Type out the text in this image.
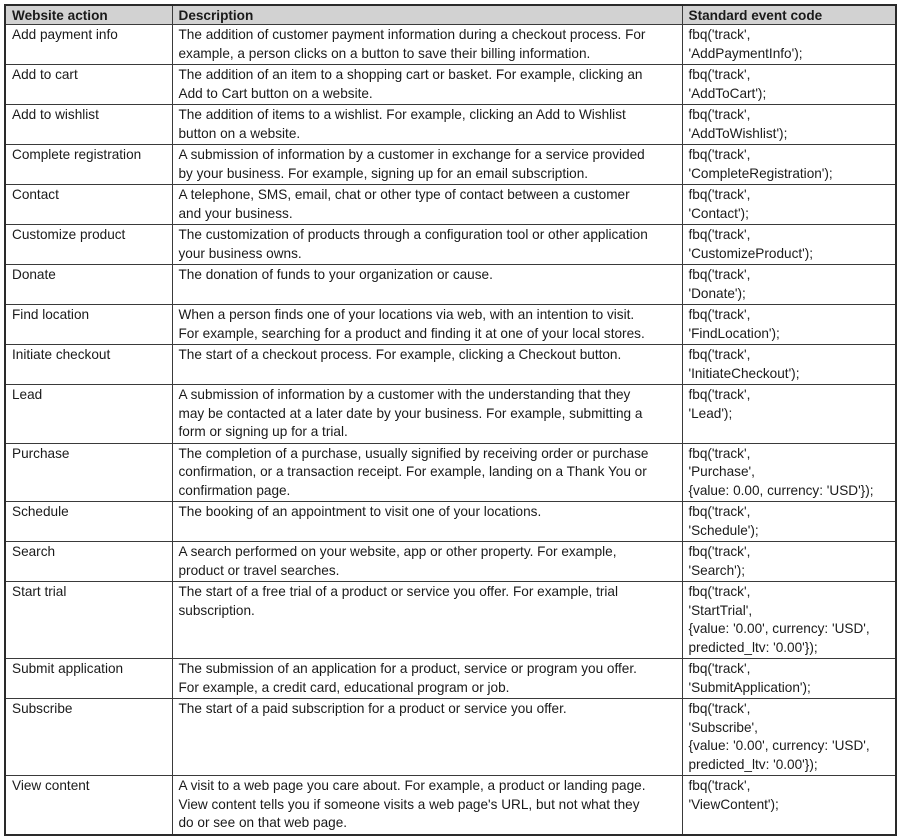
Website action	Description	Standard event code
Add payment info	The addition of customer payment information during a checkout process. For
example, a person clicks on a button to save their billing information.	fbq('track',
'AddPaymentInfo');
Add to cart	The addition of an item to a shopping cart or basket. For example, clicking an
Add to Cart button on a website.	fbq('track',
'AddToCart');
Add to wishlist	The addition of items to a wishlist. For example, clicking an Add to Wishlist
button on a website.	fbq('track',
'AddToWishlist');
Complete registration	A submission of information by a customer in exchange for a service provided
by your business. For example, signing up for an email subscription.	fbq('track',
'CompleteRegistration');
Contact	A telephone, SMS, email, chat or other type of contact between a customer
and your business.	fbq('track',
'Contact');
Customize product	The customization of products through a configuration tool or other application
your business owns.	fbq('track',
'CustomizeProduct');
Donate	The donation of funds to your organization or cause.	fbq('track',
'Donate');
Find location	When a person finds one of your locations via web, with an intention to visit.
For example, searching for a product and finding it at one of your local stores.	fbq('track',
'FindLocation');
Initiate checkout	The start of a checkout process. For example, clicking a Checkout button.	fbq('track',
'InitiateCheckout');
Lead	A submission of information by a customer with the understanding that they
may be contacted at a later date by your business. For example, submitting a
form or signing up for a trial.	fbq('track',
'Lead');
Purchase	The completion of a purchase, usually signified by receiving order or purchase
confirmation, or a transaction receipt. For example, landing on a Thank You or
confirmation page.	fbq('track',
'Purchase',
{value: 0.00, currency: 'USD'});
Schedule	The booking of an appointment to visit one of your locations.	fbq('track',
'Schedule');
Search	A search performed on your website, app or other property. For example,
product or travel searches.	fbq('track',
'Search');
Start trial	The start of a free trial of a product or service you offer. For example, trial
subscription.	fbq('track',
'StartTrial',
{value: '0.00', currency: 'USD',
predicted_ltv: '0.00'});
Submit application	The submission of an application for a product, service or program you offer.
For example, a credit card, educational program or job.	fbq('track',
'SubmitApplication');
Subscribe	The start of a paid subscription for a product or service you offer.	fbq('track',
'Subscribe',
{value: '0.00', currency: 'USD',
predicted_ltv: '0.00'});
View content	A visit to a web page you care about. For example, a product or landing page.
View content tells you if someone visits a web page's URL, but not what they
do or see on that web page.	fbq('track',
'ViewContent');
